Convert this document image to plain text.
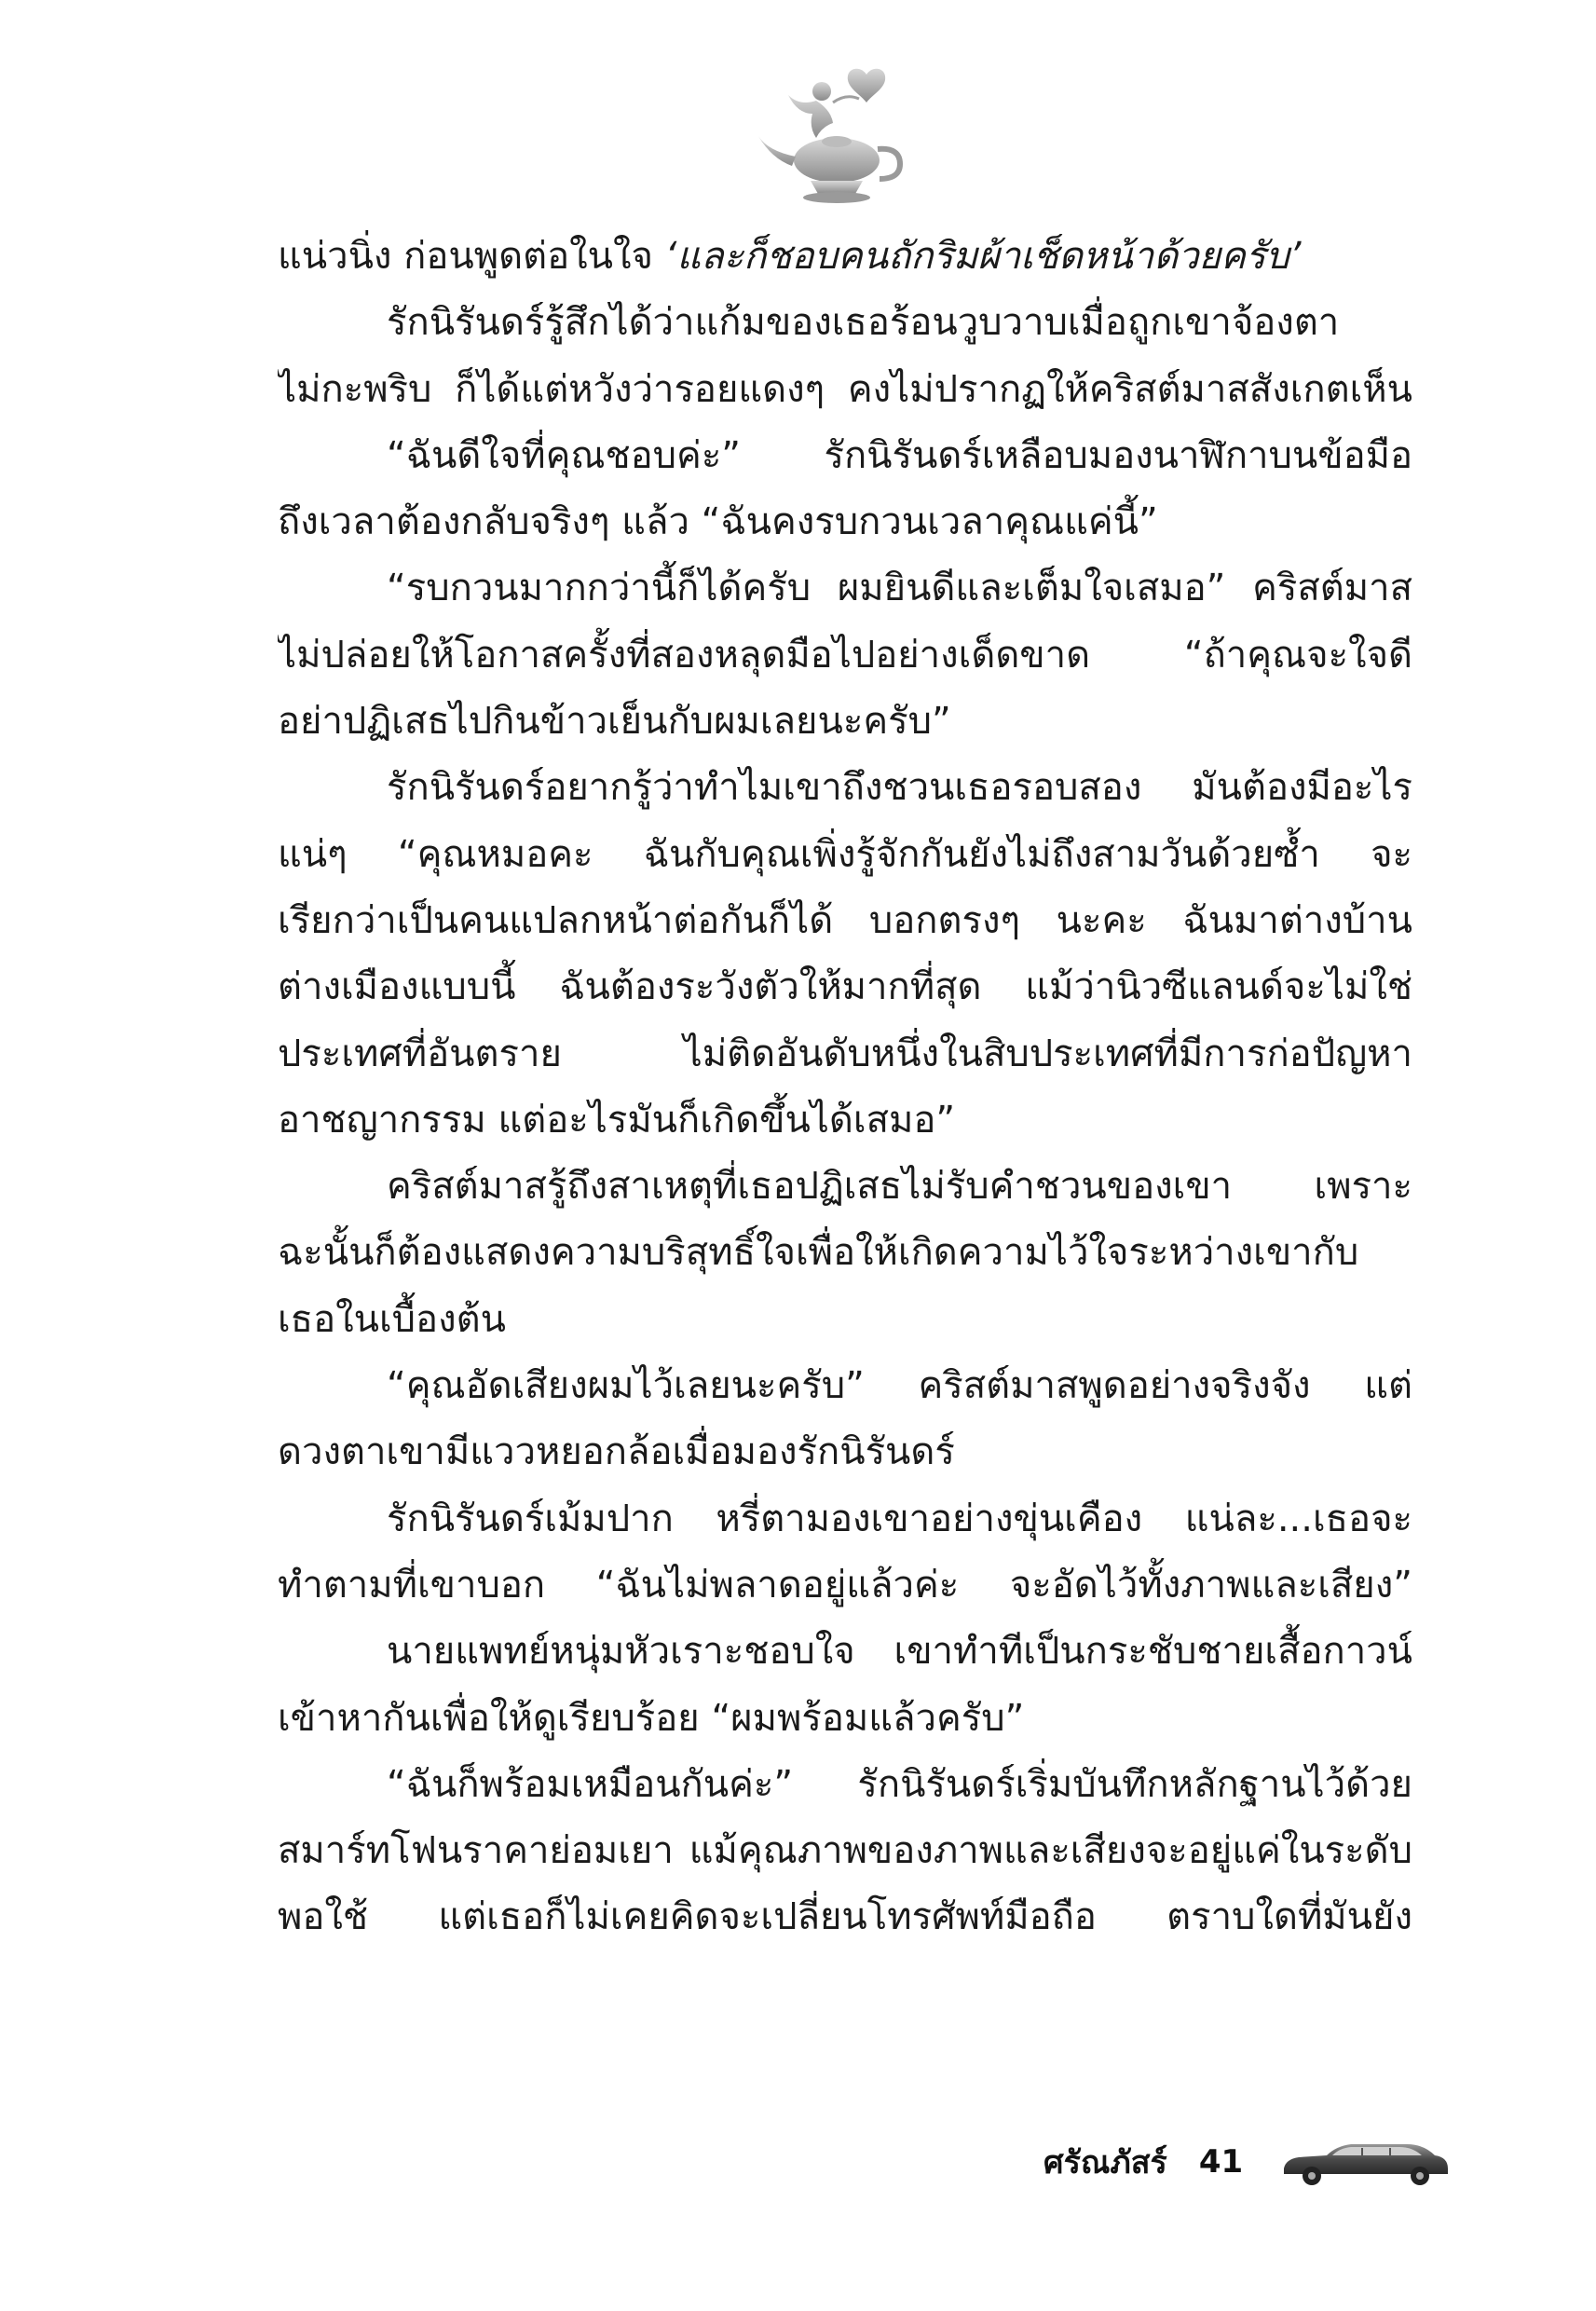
แน่วนิ่ง ก่อนพูดต่อในใจ ‘และก็ชอบคนถักริมผ้าเช็ดหน้าด้วยครับ’
รักนิรันดร์รู้สึกได้ว่าแก้มของเธอร้อนวูบวาบเมื่อถูกเขาจ้องตา
ไม่กะพริบ ก็ได้แต่หวังว่ารอยแดงๆ คงไม่ปรากฏให้คริสต์มาสสังเกตเห็น
“ฉันดีใจที่คุณชอบค่ะ” รักนิรันดร์เหลือบมองนาฬิกาบนข้อมือ
ถึงเวลาต้องกลับจริงๆ แล้ว “ฉันคงรบกวนเวลาคุณแค่นี้”
“รบกวนมากกว่านี้ก็ได้ครับ ผมยินดีและเต็มใจเสมอ” คริสต์มาส
ไม่ปล่อยให้โอกาสครั้งที่สองหลุดมือไปอย่างเด็ดขาด “ถ้าคุณจะใจดี
อย่าปฏิเสธไปกินข้าวเย็นกับผมเลยนะครับ”
รักนิรันดร์อยากรู้ว่าทำไมเขาถึงชวนเธอรอบสอง มันต้องมีอะไร
แน่ๆ “คุณหมอคะ ฉันกับคุณเพิ่งรู้จักกันยังไม่ถึงสามวันด้วยซ้ำ จะ
เรียกว่าเป็นคนแปลกหน้าต่อกันก็ได้ บอกตรงๆ นะคะ ฉันมาต่างบ้าน
ต่างเมืองแบบนี้ ฉันต้องระวังตัวให้มากที่สุด แม้ว่านิวซีแลนด์จะไม่ใช่
ประเทศที่อันตราย ไม่ติดอันดับหนึ่งในสิบประเทศที่มีการก่อปัญหา
อาชญากรรม แต่อะไรมันก็เกิดขึ้นได้เสมอ”
คริสต์มาสรู้ถึงสาเหตุที่เธอปฏิเสธไม่รับคำชวนของเขา เพราะ
ฉะนั้นก็ต้องแสดงความบริสุทธิ์ใจเพื่อให้เกิดความไว้ใจระหว่างเขากับ
เธอในเบื้องต้น
“คุณอัดเสียงผมไว้เลยนะครับ” คริสต์มาสพูดอย่างจริงจัง แต่
ดวงตาเขามีแววหยอกล้อเมื่อมองรักนิรันดร์
รักนิรันดร์เม้มปาก หรี่ตามองเขาอย่างขุ่นเคือง แน่ละ...เธอจะ
ทำตามที่เขาบอก “ฉันไม่พลาดอยู่แล้วค่ะ จะอัดไว้ทั้งภาพและเสียง”
นายแพทย์หนุ่มหัวเราะชอบใจ เขาทำทีเป็นกระชับชายเสื้อกาวน์
เข้าหากันเพื่อให้ดูเรียบร้อย “ผมพร้อมแล้วครับ”
“ฉันก็พร้อมเหมือนกันค่ะ” รักนิรันดร์เริ่มบันทึกหลักฐานไว้ด้วย
สมาร์ทโฟนราคาย่อมเยา แม้คุณภาพของภาพและเสียงจะอยู่แค่ในระดับ
พอใช้ แต่เธอก็ไม่เคยคิดจะเปลี่ยนโทรศัพท์มือถือ ตราบใดที่มันยัง
ศรัณภัสร์ 41
